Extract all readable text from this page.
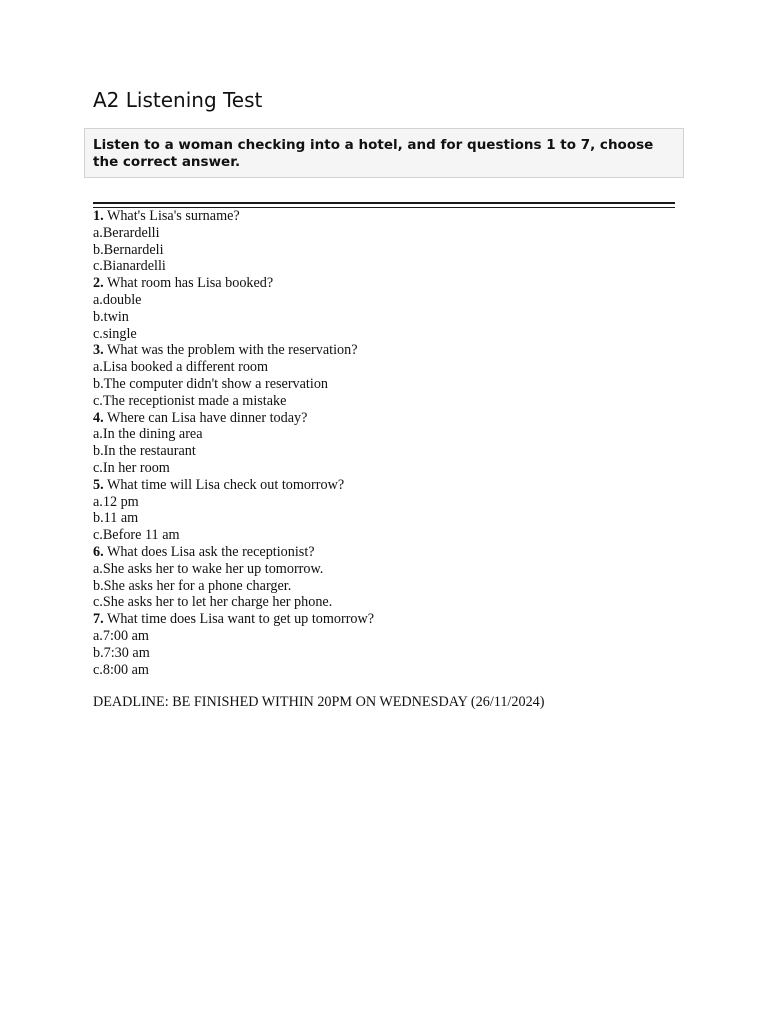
A2 Listening Test
Listen to a woman checking into a hotel, and for questions 1 to 7, choose the correct answer.
1. What's Lisa's surname?
a.Berardelli
b.Bernardeli
c.Bianardelli
2. What room has Lisa booked?
a.double
b.twin
c.single
3. What was the problem with the reservation?
a.Lisa booked a different room
b.The computer didn't show a reservation
c.The receptionist made a mistake
4. Where can Lisa have dinner today?
a.In the dining area
b.In the restaurant
c.In her room
5. What time will Lisa check out tomorrow?
a.12 pm
b.11 am
c.Before 11 am
6. What does Lisa ask the receptionist?
a.She asks her to wake her up tomorrow.
b.She asks her for a phone charger.
c.She asks her to let her charge her phone.
7. What time does Lisa want to get up tomorrow?
a.7:00 am
b.7:30 am
c.8:00 am
DEADLINE: BE FINISHED WITHIN 20PM ON WEDNESDAY (26/11/2024)
